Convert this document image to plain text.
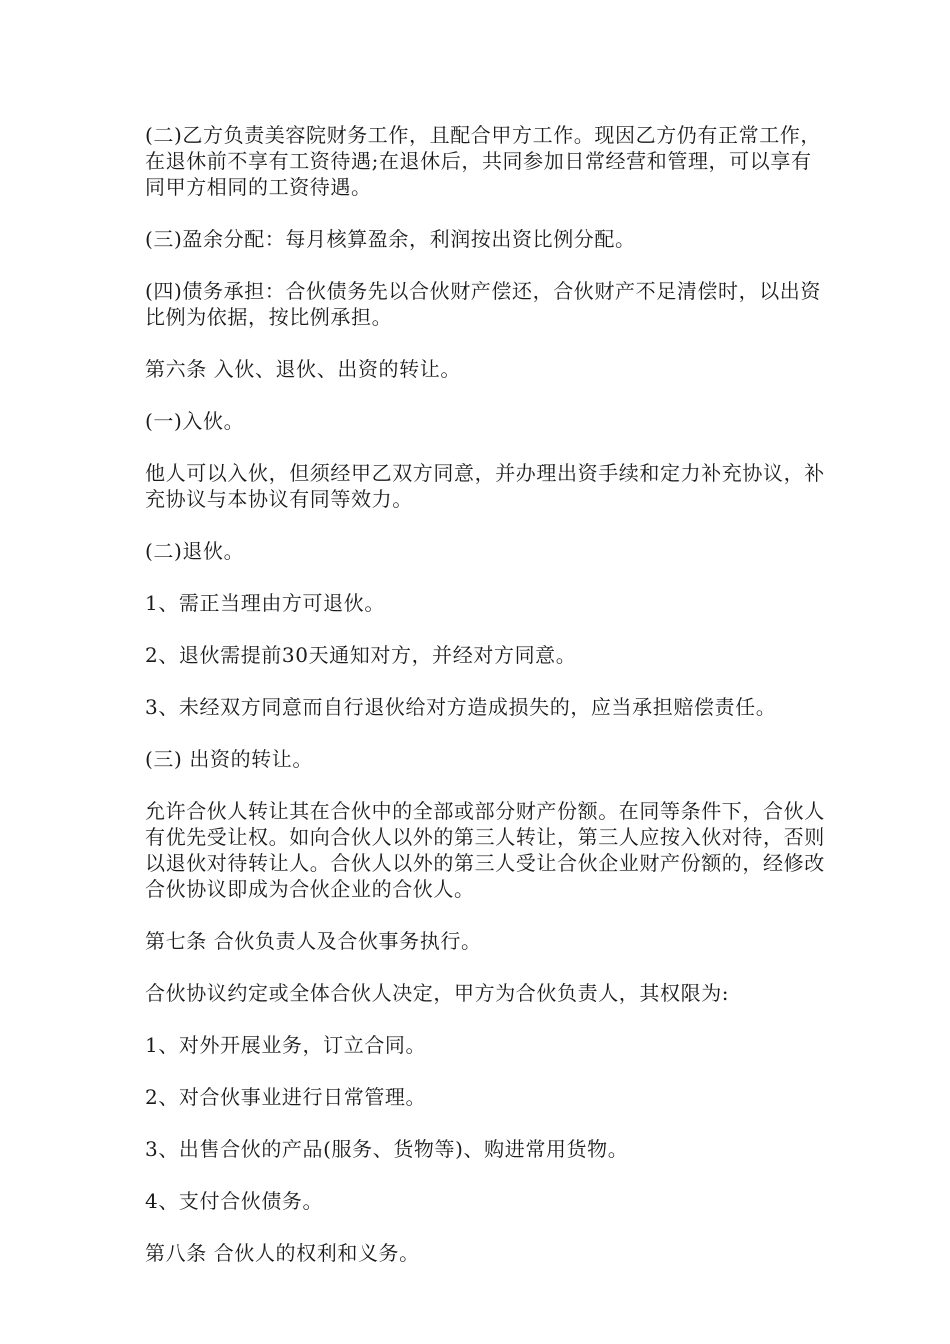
(二)乙方负责美容院财务工作，且配合甲方工作。现因乙方仍有正常工作，在退休前不享有工资待遇;在退休后，共同参加日常经营和管理，可以享有同甲方相同的工资待遇。

(三)盈余分配：每月核算盈余，利润按出资比例分配。

(四)债务承担：合伙债务先以合伙财产偿还，合伙财产不足清偿时，以出资比例为依据，按比例承担。

第六条 入伙、退伙、出资的转让。

(一)入伙。

他人可以入伙，但须经甲乙双方同意，并办理出资手续和定力补充协议，补充协议与本协议有同等效力。

(二)退伙。

1、需正当理由方可退伙。

2、退伙需提前30天通知对方，并经对方同意。

3、未经双方同意而自行退伙给对方造成损失的，应当承担赔偿责任。

(三) 出资的转让。

允许合伙人转让其在合伙中的全部或部分财产份额。在同等条件下，合伙人有优先受让权。如向合伙人以外的第三人转让，第三人应按入伙对待，否则以退伙对待转让人。合伙人以外的第三人受让合伙企业财产份额的，经修改合伙协议即成为合伙企业的合伙人。

第七条 合伙负责人及合伙事务执行。

合伙协议约定或全体合伙人决定，甲方为合伙负责人，其权限为:

1、对外开展业务，订立合同。

2、对合伙事业进行日常管理。

3、出售合伙的产品(服务、货物等)、购进常用货物。

4、支付合伙债务。

第八条 合伙人的权利和义务。
